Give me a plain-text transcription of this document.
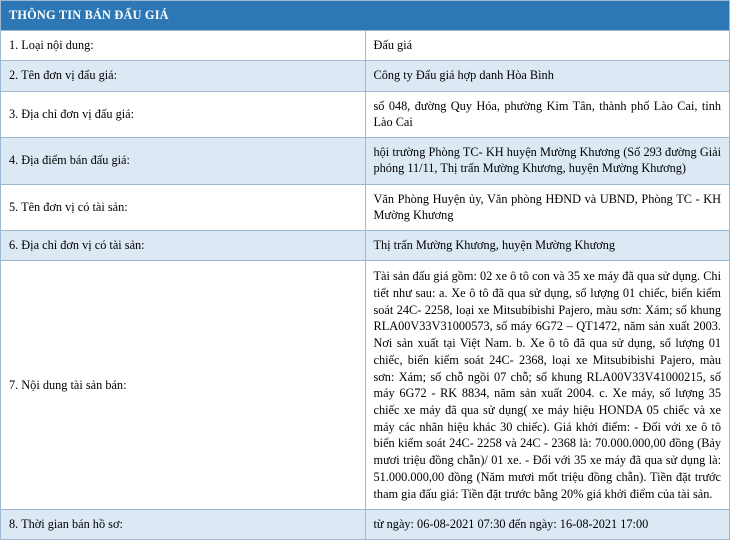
THÔNG TIN BÁN ĐẤU GIÁ	
1. Loại nội dung:	Đấu giá
2. Tên đơn vị đấu giá:	Công ty Đấu giá hợp danh Hòa Bình
3. Địa chỉ đơn vị đấu giá:	số 048, đường Quy Hóa, phường Kim Tân, thành phố Lào Cai, tỉnh Lào Cai
4. Địa điểm bán đấu giá:	hội trường Phòng TC- KH huyện Mường Khương (Số 293 đường Giải phóng 11/11, Thị trấn Mường Khương, huyện Mường Khương)
5. Tên đơn vị có tài sản:	Văn Phòng Huyện ủy, Văn phòng HĐND và UBND, Phòng TC - KH Mường Khương
6. Địa chỉ đơn vị có tài sản:	Thị trấn Mường Khương, huyện Mường Khương
7. Nội dung tài sản bán:	Tài sản đấu giá gồm: 02 xe ô tô con và 35 xe máy đã qua sử dụng. Chi tiết như sau: a. Xe ô tô đã qua sử dụng, số lượng 01 chiếc, biển kiểm soát 24C- 2258, loại xe Mitsubibishi Pajero, màu sơn: Xám; số khung RLA00V33V31000573, số máy 6G72 – QT1472, năm sản xuất 2003. Nơi sản xuất tại Việt Nam. b. Xe ô tô đã qua sử dụng, số lượng 01 chiếc, biển kiểm soát 24C- 2368, loại xe Mitsubibishi Pajero, màu sơn: Xám; số chỗ ngồi 07 chỗ; số khung RLA00V33V41000215, số máy 6G72 - RK 8834, năm sản xuất 2004. c. Xe máy, số lượng 35 chiếc xe máy đã qua sử dụng( xe máy hiệu HONDA 05 chiếc và xe máy các nhãn hiệu khác 30 chiếc). Giá khởi điểm: - Đối với xe ô tô biển kiểm soát 24C- 2258 và 24C - 2368 là: 70.000.000,00 đồng (Bảy mươi triệu đồng chẵn)/ 01 xe. - Đối với 35 xe máy đã qua sử dụng là: 51.000.000,00 đồng (Năm mươi mốt triệu đồng chẵn). Tiền đặt trước tham gia đấu giá: Tiền đặt trước bằng 20% giá khởi điểm của tài sản.
8. Thời gian bán hồ sơ:	từ ngày: 06-08-2021 07:30 đến ngày: 16-08-2021 17:00
